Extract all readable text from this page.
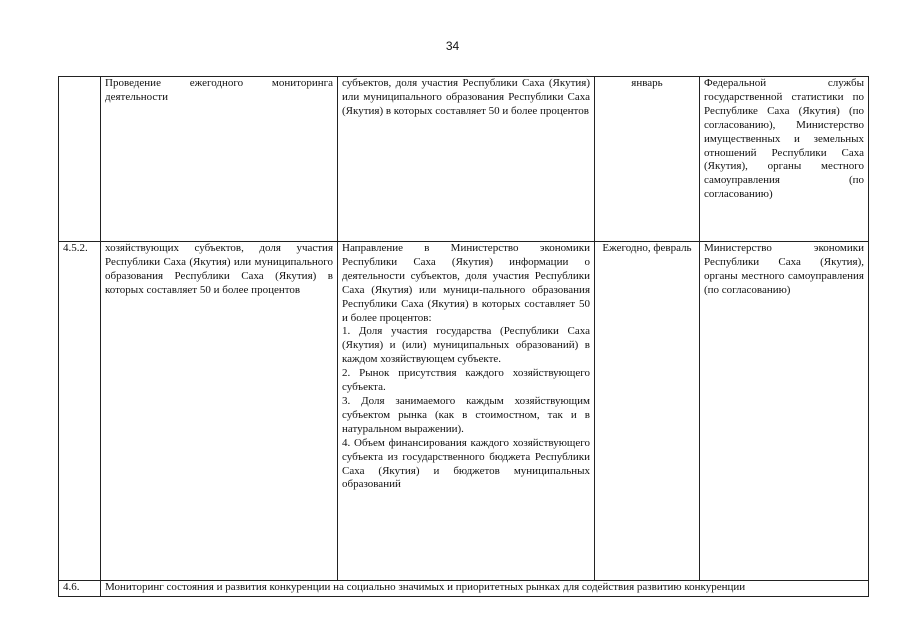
34
	Проведение ежегодного мониторинга деятельности	субъектов, доля участия Республики Саха (Якутия) или муниципального образования Республики Саха (Якутия) в которых составляет 50 и более процентов	январь	Федеральной службы государственной статистики по Республике Саха (Якутия) (по согласованию), Министерство имущественных и земельных отношений Республики Саха (Якутия), органы местного самоуправления (по согласованию)
4.5.2.	хозяйствующих субъектов, доля участия Республики Саха (Якутия) или муниципального образования Республики Саха (Якутия) в которых составляет 50 и более процентов	Направление в Министерство экономики Республики Саха (Якутия) информации о деятельности субъектов, доля участия Республики Саха (Якутия) или муници-пального образования Республики Саха (Якутия) в которых составляет 50 и более процентов:
1. Доля участия государства (Республики Саха (Якутия) и (или) муниципальных образований) в каждом хозяйствующем субъекте.
2. Рынок присутствия каждого хозяйствующего субъекта.
3. Доля занимаемого каждым хозяйствующим субъектом рынка (как в стоимостном, так и в натуральном выражении).
4. Объем финансирования каждого хозяйствующего субъекта из государственного бюджета Республики Саха (Якутия) и бюджетов муниципальных образований	Ежегодно, февраль	Министерство экономики Республики Саха (Якутия), органы местного самоуправления (по согласованию)
4.6.	Мониторинг состояния и развития конкуренции на социально значимых и приоритетных рынках для содействия развитию конкуренции			
